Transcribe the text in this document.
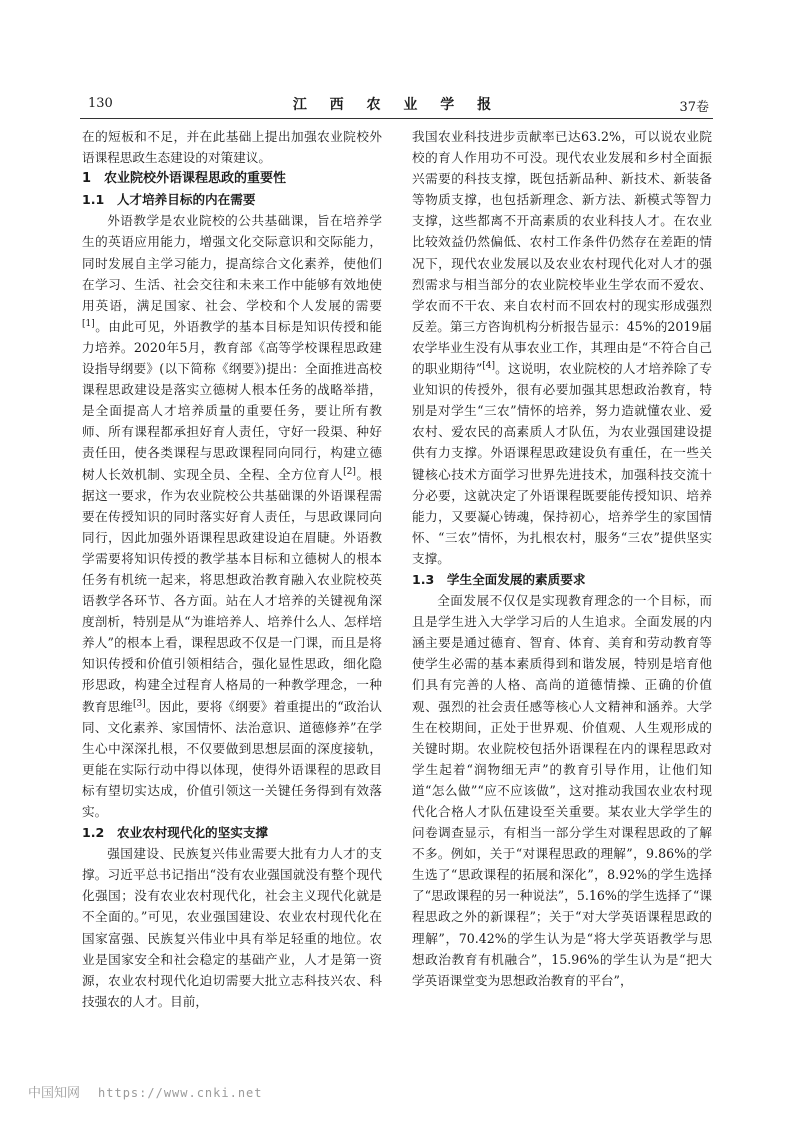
130	江 西 农 业 学 报	37卷

在的短板和不足，并在此基础上提出加强农业院校外语课程思政生态建设的对策建议。

1　农业院校外语课程思政的重要性
1.1　人才培养目标的内在需要

外语教学是农业院校的公共基础课，旨在培养学生的英语应用能力，增强文化交际意识和交际能力，同时发展自主学习能力，提高综合文化素养，使他们在学习、生活、社会交往和未来工作中能够有效地使用英语，满足国家、社会、学校和个人发展的需要[1]。由此可见，外语教学的基本目标是知识传授和能力培养。2020年5月，教育部《高等学校课程思政建设指导纲要》(以下简称《纲要》)提出：全面推进高校课程思政建设是落实立德树人根本任务的战略举措，是全面提高人才培养质量的重要任务，要让所有教师、所有课程都承担好育人责任，守好一段渠、种好责任田，使各类课程与思政课程同向同行，构建立德树人长效机制、实现全员、全程、全方位育人[2]。根据这一要求，作为农业院校公共基础课的外语课程需要在传授知识的同时落实好育人责任，与思政课同向同行，因此加强外语课程思政建设迫在眉睫。外语教学需要将知识传授的教学基本目标和立德树人的根本任务有机统一起来，将思想政治教育融入农业院校英语教学各环节、各方面。站在人才培养的关键视角深度剖析，特别是从“为谁培养人、培养什么人、怎样培养人”的根本上看，课程思政不仅是一门课，而且是将知识传授和价值引领相结合，强化显性思政，细化隐形思政，构建全过程育人格局的一种教学理念，一种教育思维[3]。因此，要将《纲要》着重提出的“政治认同、文化素养、家国情怀、法治意识、道德修养”在学生心中深深扎根，不仅要做到思想层面的深度接轨，更能在实际行动中得以体现，使得外语课程的思政目标有望切实达成，价值引领这一关键任务得到有效落实。

1.2　农业农村现代化的坚实支撑

强国建设、民族复兴伟业需要大批有力人才的支撑。习近平总书记指出“没有农业强国就没有整个现代化强国；没有农业农村现代化，社会主义现代化就是不全面的。”可见，农业强国建设、农业农村现代化在国家富强、民族复兴伟业中具有举足轻重的地位。农业是国家安全和社会稳定的基础产业，人才是第一资源，农业农村现代化迫切需要大批立志科技兴农、科技强农的人才。目前，

我国农业科技进步贡献率已达63.2%，可以说农业院校的育人作用功不可没。现代农业发展和乡村全面振兴需要的科技支撑，既包括新品种、新技术、新装备等物质支撑，也包括新理念、新方法、新模式等智力支撑，这些都离不开高素质的农业科技人才。在农业比较效益仍然偏低、农村工作条件仍然存在差距的情况下，现代农业发展以及农业农村现代化对人才的强烈需求与相当部分的农业院校毕业生学农而不爱农、学农而不干农、来自农村而不回农村的现实形成强烈反差。第三方咨询机构分析报告显示：45%的2019届农学毕业生没有从事农业工作，其理由是“不符合自己的职业期待”[4]。这说明，农业院校的人才培养除了专业知识的传授外，很有必要加强其思想政治教育，特别是对学生“三农”情怀的培养，努力造就懂农业、爱农村、爱农民的高素质人才队伍，为农业强国建设提供有力支撑。外语课程思政建设负有重任，在一些关键核心技术方面学习世界先进技术，加强科技交流十分必要，这就决定了外语课程既要能传授知识、培养能力，又要凝心铸魂，保持初心，培养学生的家国情怀、“三农”情怀，为扎根农村，服务“三农”提供坚实支撑。

1.3　学生全面发展的素质要求

全面发展不仅仅是实现教育理念的一个目标，而且是学生进入大学学习后的人生追求。全面发展的内涵主要是通过德育、智育、体育、美育和劳动教育等使学生必需的基本素质得到和谐发展，特别是培育他们具有完善的人格、高尚的道德情操、正确的价值观、强烈的社会责任感等核心人文精神和涵养。大学生在校期间，正处于世界观、价值观、人生观形成的关键时期。农业院校包括外语课程在内的课程思政对学生起着“润物细无声”的教育引导作用，让他们知道“怎么做”“应不应该做”，这对推动我国农业农村现代化合格人才队伍建设至关重要。某农业大学学生的问卷调查显示，有相当一部分学生对课程思政的了解不多。例如，关于“对课程思政的理解”，9.86%的学生选了“思政课程的拓展和深化”，8.92%的学生选择了“思政课程的另一种说法”，5.16%的学生选择了“课程思政之外的新课程”；关于“对大学英语课程思政的理解”，70.42%的学生认为是“将大学英语教学与思想政治教育有机融合”，15.96%的学生认为是“把大学英语课堂变为思想政治教育的平台”，

中国知网 https://www.cnki.net
